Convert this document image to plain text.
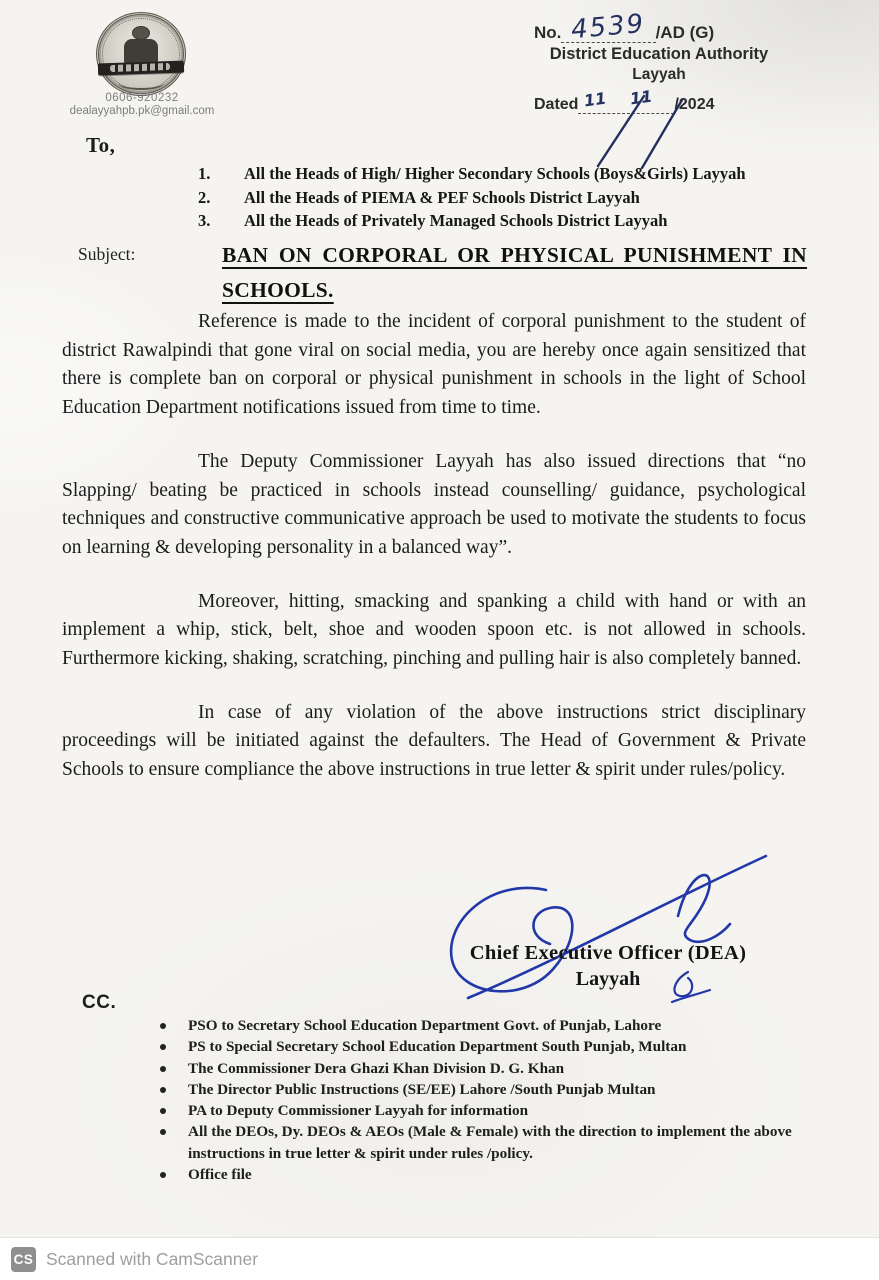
0606-920232
dealayyahpb.pk@gmail.com
No. 4539 /AD (G)
District Education Authority
Layyah
Dated 11 11 /2024
To,
1.	All the Heads of High/ Higher Secondary Schools (Boys&Girls) Layyah
2.	All the Heads of PIEMA & PEF Schools District Layyah
3.	All the Heads of Privately Managed Schools District Layyah
Subject:	BAN ON CORPORAL OR PHYSICAL PUNISHMENT IN SCHOOLS.

Reference is made to the incident of corporal punishment to the student of district Rawalpindi that gone viral on social media, you are hereby once again sensitized that there is complete ban on corporal or physical punishment in schools in the light of School Education Department notifications issued from time to time.

The Deputy Commissioner Layyah has also issued directions that “no Slapping/ beating be practiced in schools instead counselling/ guidance, psychological techniques and constructive communicative approach be used to motivate the students to focus on learning & developing personality in a balanced way”.

Moreover, hitting, smacking and spanking a child with hand or with an implement a whip, stick, belt, shoe and wooden spoon etc. is not allowed in schools. Furthermore kicking, shaking, scratching, pinching and pulling hair is also completely banned.

In case of any violation of the above instructions strict disciplinary proceedings will be initiated against the defaulters. The Head of Government & Private Schools to ensure compliance the above instructions in true letter & spirit under rules/policy.

Chief Executive Officer (DEA)
Layyah
CC.
PSO to Secretary School Education Department Govt. of Punjab, Lahore
PS to Special Secretary School Education Department South Punjab, Multan
The Commissioner Dera Ghazi Khan Division D. G. Khan
The Director Public Instructions (SE/EE) Lahore /South Punjab Multan
PA to Deputy Commissioner Layyah for information
All the DEOs, Dy. DEOs & AEOs (Male & Female) with the direction to implement the above instructions in true letter & spirit under rules /policy.
Office file
CS Scanned with CamScanner
